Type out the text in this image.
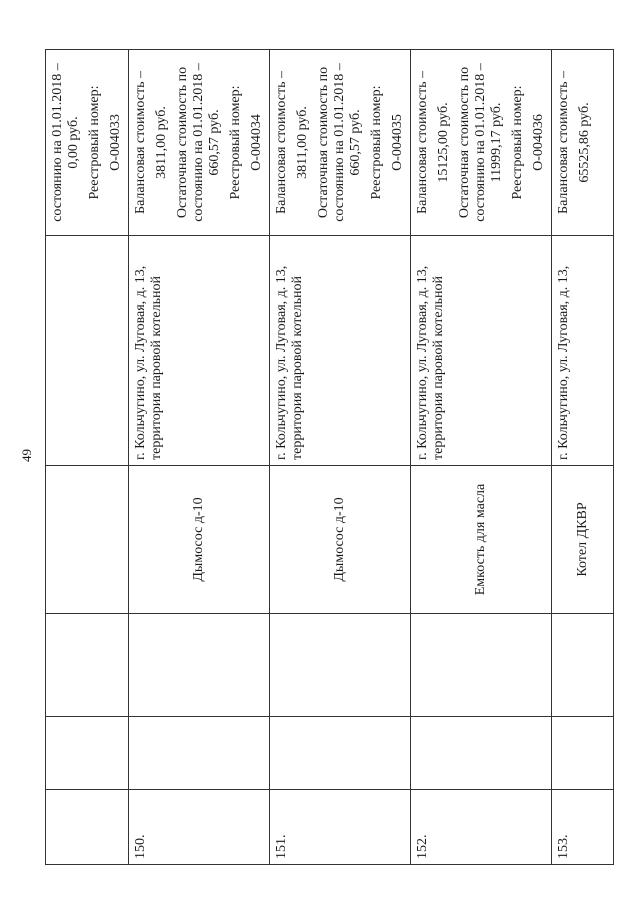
49

					состоянию на 01.01.2018 – 0,00 руб. Реестровый номер: О-004033

150.			Дымосос д-10	г. Кольчугино, ул. Луговая, д. 13, территория паровой котельной	Балансовая стоимость – 3811,00 руб. Остаточная стоимость по состоянию на 01.01.2018 – 660,57 руб. Реестровый номер: О-004034

151.			Дымосос д-10	г. Кольчугино, ул. Луговая, д. 13, территория паровой котельной	Балансовая стоимость – 3811,00 руб. Остаточная стоимость по состоянию на 01.01.2018 – 660,57 руб. Реестровый номер: О-004035

152.			Емкость для масла	г. Кольчугино, ул. Луговая, д. 13, территория паровой котельной	Балансовая стоимость – 15125,00 руб. Остаточная стоимость по состоянию на 01.01.2018 – 11999,17 руб. Реестровый номер: О-004036

153.			Котел ДКВР	г. Кольчугино, ул. Луговая, д. 13,	Балансовая стоимость – 65525,86 руб.
